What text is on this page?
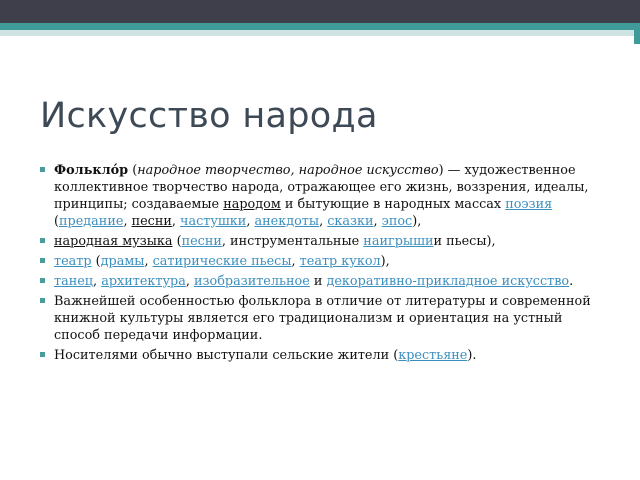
Искусство народа
Фолькло́р (народное творчество, народное искусство) — художественное коллективное творчество народа, отражающее его жизнь, воззрения, идеалы, принципы; создаваемые народом и бытующие в народных массах поэзия (предание, песни, частушки, анекдоты, сказки, эпос),
народная музыка (песни, инструментальные наигрышии пьесы),
театр (драмы, сатирические пьесы, театр кукол),
танец, архитектура, изобразительное и декоративно-прикладное искусство.
Важнейшей особенностью фольклора в отличие от литературы и современной книжной культуры является его традиционализм и ориентация на устный способ передачи информации.
Носителями обычно выступали сельские жители (крестьяне).
